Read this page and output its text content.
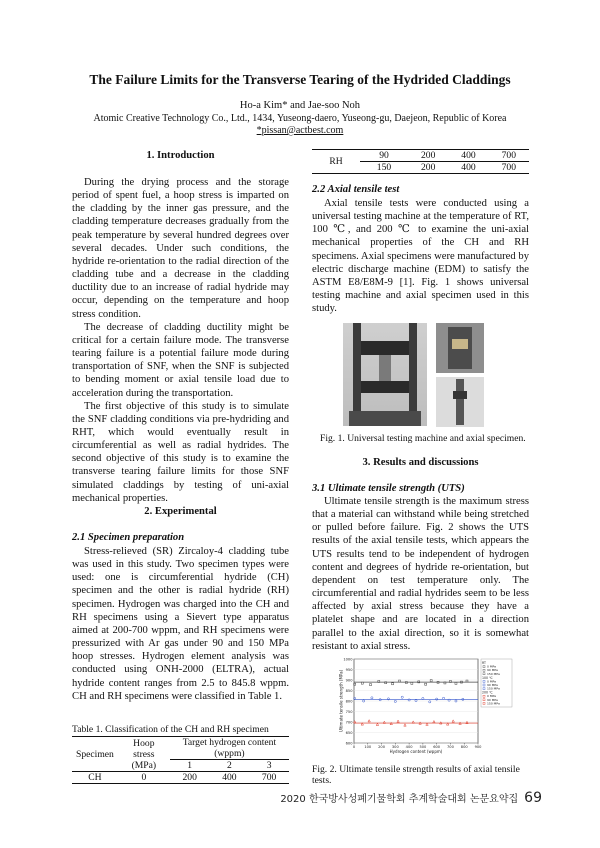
The Failure Limits for the Transverse Tearing of the Hydrided Claddings
Ho-a Kim* and Jae-soo Noh
Atomic Creative Technology Co., Ltd., 1434, Yuseong-daero, Yuseong-gu, Daejeon, Republic of Korea
*pissan@actbest.com
1. Introduction

During the drying process and the storage period of spent fuel, a hoop stress is imparted on the cladding by the inner gas pressure, and the cladding temperature decreases gradually from the peak temperature by several hundred degrees over several decades. Under such conditions, the hydride re-orientation to the radial direction of the cladding tube and a decrease in the cladding ductility due to an increase of radial hydride may occur, depending on the temperature and hoop stress condition.

The decrease of cladding ductility might be critical for a certain failure mode. The transverse tearing failure is a potential failure mode during transportation of SNF, when the SNF is subjected to bending moment or axial tensile load due to acceleration during the transportation.

The first objective of this study is to simulate the SNF cladding conditions via pre-hydriding and RHT, which would eventually result in circumferential as well as radial hydrides. The second objective of this study is to examine the transverse tearing failure limits for those SNF simulated claddings by testing of uni-axial mechanical properties.

2. Experimental
2.1 Specimen preparation

Stress-relieved (SR) Zircaloy-4 cladding tube was used in this study. Two specimen types were used: one is circumferential hydride (CH) specimen and the other is radial hydride (RH) specimen. Hydrogen was charged into the CH and RH specimens using a Sievert type apparatus aimed at 200-700 wppm, and RH specimens were pressurized with Ar gas under 90 and 150 MPa hoop stresses. Hydrogen element analysis was conducted using ONH-2000 (ELTRA), actual hydride content ranges from 2.5 to 845.8 wppm. CH and RH specimens were classified in Table 1.

Table 1. Classification of the CH and RH specimen
Specimen	Hoop stress (MPa)	Target hydrogen content (wppm)		
		1	2	3
CH	0	200	400	700
RH	90	200	400	700
	150	200	400	700
2.2 Axial tensile test

Axial tensile tests were conducted using a universal testing machine at the temperature of RT, 100 ℃, and 200 ℃ to examine the uni-axial mechanical properties of the CH and RH specimens. Axial specimens were manufactured by electric discharge machine (EDM) to satisfy the ASTM E8/E8M-9 [1]. Fig. 1 shows universal testing machine and axial specimen used in this study.

Fig. 1. Universal testing machine and axial specimen.
3. Results and discussions
3.1 Ultimate tensile strength (UTS)

Ultimate tensile strength is the maximum stress that a material can withstand while being stretched or pulled before failure. Fig. 2 shows the UTS results of the axial tensile tests, which appears the UTS results tend to be independent of hydrogen content and degrees of hydride re-orientation, but dependent on test temperature only. The circumferential and radial hydrides seem to be less affected by axial stress because they have a platelet shape and are located in a direction parallel to the axial direction, so it is somewhat resistant to axial stress.

600
650
700
750
800
850
900
950
1000
0	100 200 300 400 500 600 700 800 900
Hydrogen content (wppm)
Ultimate tensile strength (MPa)
RT
0 MPa
90 MPa
150 MPa
100 ℃
0 MPa
90 MPa
150 MPa
200 ℃
0 MPa
90 MPa
150 MPa
Fig. 2. Ultimate tensile strength results of axial tensile tests.
2020 한국방사성폐기물학회 추계학술대회 논문요약집 69
